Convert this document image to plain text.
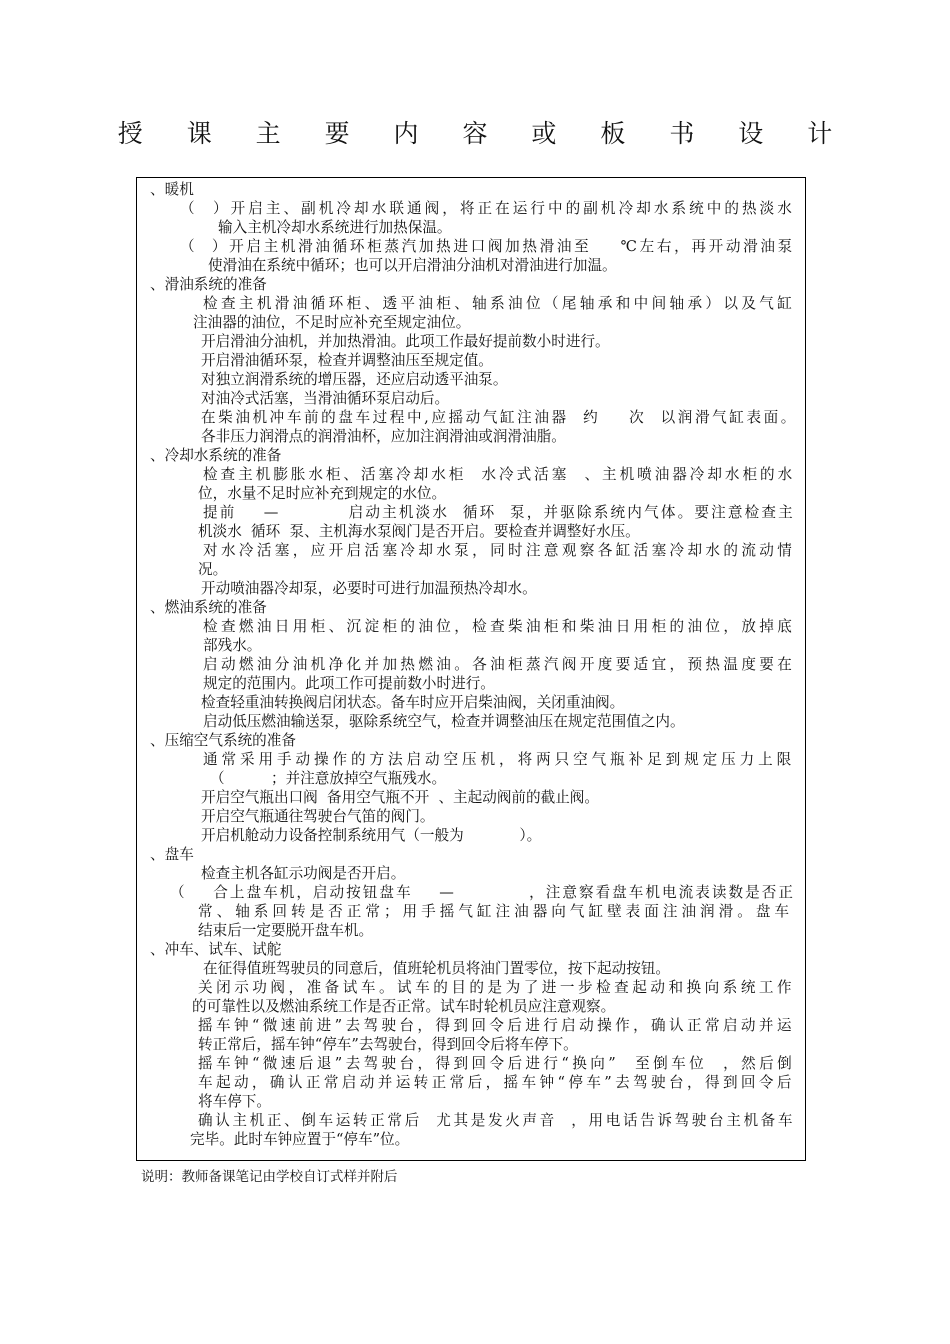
授 课 主 要 内 容 或 板 书 设 计
、暖机
（  ）开启主、副机冷却水联通阀，将正在运行中的副机冷却水系统中的热淡水
输入主机冷却水系统进行加热保温。
（  ）开启主机滑油循环柜蒸汽加热进口阀加热滑油至    ℃左右，再开动滑油泵
使滑油在系统中循环；也可以开启滑油分油机对滑油进行加温。
、滑油系统的准备
检查主机滑油循环柜、透平油柜、轴系油位（尾轴承和中间轴承）以及气缸
注油器的油位，不足时应补充至规定油位。
开启滑油分油机，并加热滑油。此项工作最好提前数小时进行。
开启滑油循环泵，检查并调整油压至规定值。
对独立润滑系统的增压器，还应启动透平油泵。
对油冷式活塞，当滑油循环泵启动后。
在柴油机冲车前的盘车过程中,应摇动气缸注油器  约    次  以润滑气缸表面。
各非压力润滑点的润滑油杯，应加注润滑油或润滑油脂。
、冷却水系统的准备
检查主机膨胀水柜、活塞冷却水柜  水冷式活塞  、主机喷油器冷却水柜的水
位，水量不足时应补充到规定的水位。
提前    —          启动主机淡水  循环  泵，并驱除系统内气体。要注意检查主
机淡水  循环  泵、主机海水泵阀门是否开启。要检查并调整好水压。
对水冷活塞，应开启活塞冷却水泵，同时注意观察各缸活塞冷却水的流动情
况。
开动喷油器冷却泵，必要时可进行加温预热冷却水。
、燃油系统的准备
检查燃油日用柜、沉淀柜的油位，检查柴油柜和柴油日用柜的油位，放掉底
部残水。
启动燃油分油机净化并加热燃油。各油柜蒸汽阀开度要适宜，预热温度要在
规定的范围内。此项工作可提前数小时进行。
检查轻重油转换阀启闭状态。备车时应开启柴油阀，关闭重油阀。
启动低压燃油输送泵，驱除系统空气，检查并调整油压在规定范围值之内。
、压缩空气系统的准备
通常采用手动操作的方法启动空压机，将两只空气瓶补足到规定压力上限
（          ；并注意放掉空气瓶残水。
开启空气瓶出口阀  备用空气瓶不开  、主起动阀前的截止阀。
开启空气瓶通往驾驶台气笛的阀门。
开启机舱动力设备控制系统用气（一般为            ）。
、盘车
检查主机各缸示功阀是否开启。
（    合上盘车机，启动按钮盘车    —           ，注意察看盘车机电流表读数是否正
常、轴系回转是否正常；用手摇气缸注油器向气缸壁表面注油润滑。盘车
结束后一定要脱开盘车机。
、冲车、试车、试舵
在征得值班驾驶员的同意后，值班轮机员将油门置零位，按下起动按钮。
关闭示功阀，准备试车。试车的目的是为了进一步检查起动和换向系统工作
的可靠性以及燃油系统工作是否正常。试车时轮机员应注意观察。
摇车钟“微速前进”去驾驶台，得到回令后进行启动操作，确认正常启动并运
转正常后，摇车钟“停车”去驾驶台，得到回令后将车停下。
摇车钟“微速后退”去驾驶台，得到回令后进行“换向”  至倒车位  ，然后倒
车起动，确认正常启动并运转正常后，摇车钟“停车”去驾驶台，得到回令后
将车停下。
确认主机正、倒车运转正常后  尤其是发火声音  ，用电话告诉驾驶台主机备车
完毕。此时车钟应置于“停车”位。
说明：教师备课笔记由学校自订式样并附后
